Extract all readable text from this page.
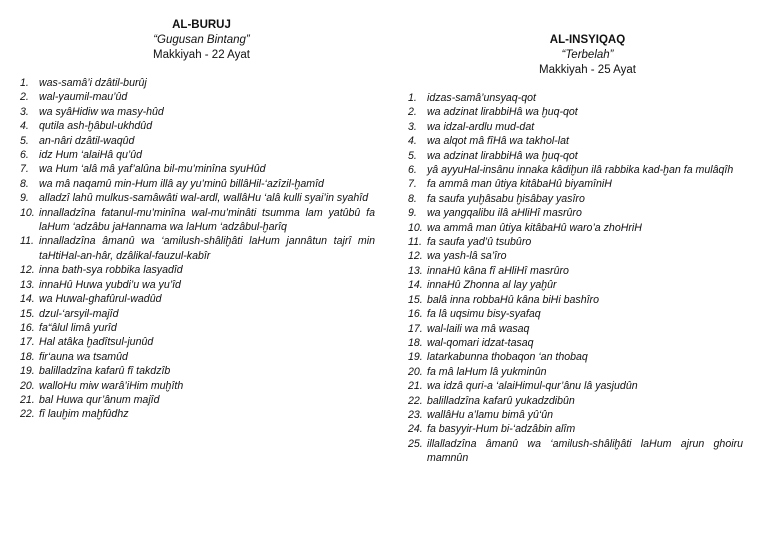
AL-BURUJ
“Gugusan Bintang”
Makkiyah - 22 Ayat
1. was-samâ’i dzâtil-burûj
2. wal-yaumil-mau’ûd
3. wa syâHidiw wa masy-hûd
4. qutila ash-ḫâbul-ukhdûd
5. an-nâri dzâtil-waqûd
6. idz Hum ‘alaiHâ qu’ûd
7. wa Hum ‘alâ mâ yaf’alûna bil-mu’minîna syuHûd
8. wa mâ naqamû min-Hum illâ ay yu’minû billâHil-‘azîzil-ḫamîd
9. alladzî lahû mulkus-samâwâti wal-ardl, wallâHu ‘alâ kulli syai’in syahîd
10. innalladzîna fatanul-mu’minîna wal-mu’minâti tsumma lam yatûbû fa laHum ‘adzâbu jaHannama wa laHum ‘adzâbul-ḫarîq
11. innalladzîna âmanû wa ‘amilush-shâliḫâti laHum jannâtun tajrî min taHtiHal-an-hâr, dzâlikal-fauzul-kabîr
12. inna bath-sya robbika lasyadîd
13. innaHû Huwa yubdi’u wa yu’îd
14. wa Huwal-ghafûrul-wadûd
15. dzul-‘arsyil-majîd
16. fa“âlul limâ yurîd
17. Hal atâka ḫadîtsul-junûd
18. fir‘auna wa tsamûd
19. balilladzîna kafarû fî takdzîb
20. walloHu miw warâ’iHim muḫîth
21. bal Huwa qur’ânum majîd
22. fî lauḫim maḫfûdhz
AL-INSYIQAQ
“Terbelah”
Makkiyah - 25 Ayat
1. idzas-samâ’unsyaq-qot
2. wa adzinat lirabbiHâ wa ḫuq-qot
3. wa idzal-ardlu mud-dat
4. wa alqot mâ fîHâ wa takhol-lat
5. wa adzinat lirabbiHâ wa ḫuq-qot
6. yâ ayyuHal-insânu innaka kâdiḫun ilâ rabbika kad-ḫan fa mulâqîh
7. fa ammâ man ûtiya kitâbaHû biyamîniH
8. fa saufa yuḫâsabu ḫisâbay yasîro
9. wa yangqalibu ilâ aHliHî masrûro
10. wa ammâ man ûtiya kitâbaHû waro’a zhoHriH
11. fa saufa yad’û tsubûro
12. wa yash-lâ sa’îro
13. innaHû kâna fî aHliHî masrûro
14. innaHû Zhonna al lay yaḫûr
15. balâ inna robbaHû kâna biHi bashîro
16. fa lâ uqsimu bisy-syafaq
17. wal-laili wa mâ wasaq
18. wal-qomari idzat-tasaq
19. latarkabunna thobaqon ‘an thobaq
20. fa mâ laHum lâ yukminûn
21. wa idzâ quri-a ‘alaiHimul-qur’ânu lâ yasjudûn
22. balilladzîna kafarû yukadzdibûn
23. wallâHu a’lamu bimâ yû‘ûn
24. fa basyyir-Hum bi-‘adzâbin alîm
25. illalladzîna âmanû wa ‘amilush-shâliḫâti laHum ajrun ghoiru mamnûn
